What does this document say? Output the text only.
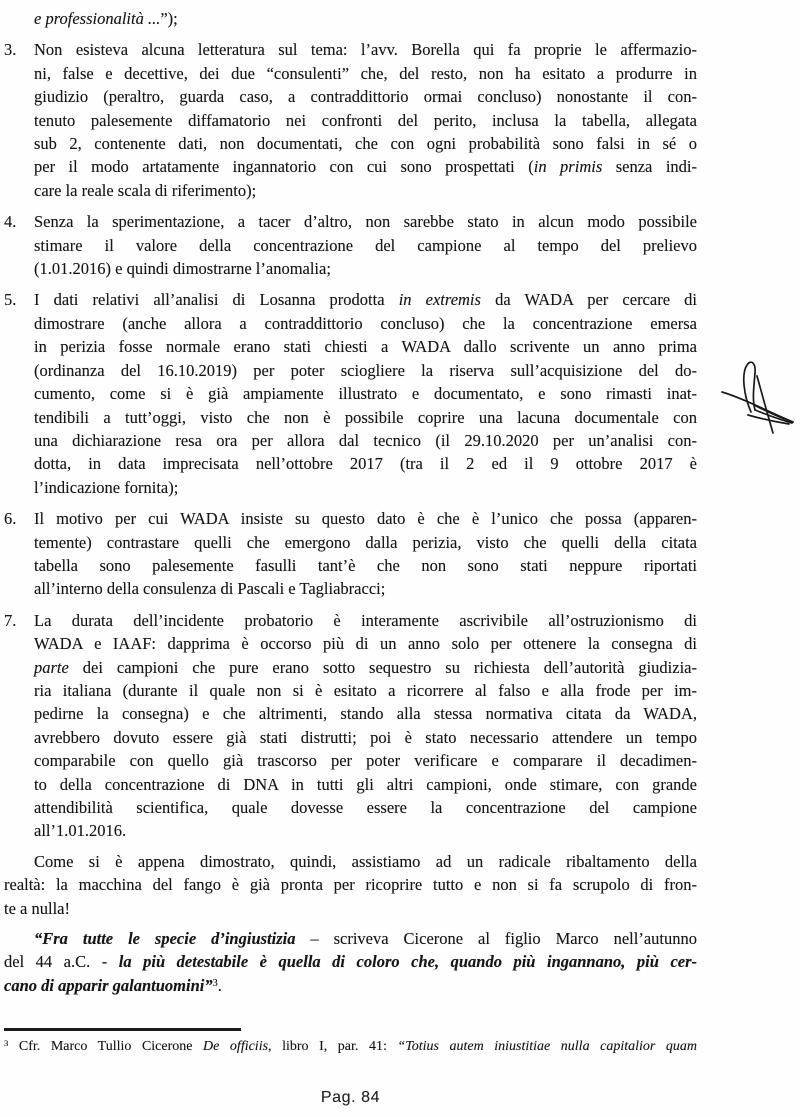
e professionalità ...”);
3. Non esisteva alcuna letteratura sul tema: l’avv. Borella qui fa proprie le affermazio-
ni, false e decettive, dei due “consulenti” che, del resto, non ha esitato a produrre in
giudizio (peraltro, guarda caso, a contraddittorio ormai concluso) nonostante il con-
tenuto palesemente diffamatorio nei confronti del perito, inclusa la tabella, allegata
sub 2, contenente dati, non documentati, che con ogni probabilità sono falsi in sé o
per il modo artatamente ingannatorio con cui sono prospettati (in primis senza indi-
care la reale scala di riferimento);
4. Senza la sperimentazione, a tacer d’altro, non sarebbe stato in alcun modo possibile
stimare il valore della concentrazione del campione al tempo del prelievo
(1.01.2016) e quindi dimostrarne l’anomalia;
5. I dati relativi all’analisi di Losanna prodotta in extremis da WADA per cercare di
dimostrare (anche allora a contraddittorio concluso) che la concentrazione emersa
in perizia fosse normale erano stati chiesti a WADA dallo scrivente un anno prima
(ordinanza del 16.10.2019) per poter sciogliere la riserva sull’acquisizione del do-
cumento, come si è già ampiamente illustrato e documentato, e sono rimasti inat-
tendibili a tutt’oggi, visto che non è possibile coprire una lacuna documentale con
una dichiarazione resa ora per allora dal tecnico (il 29.10.2020 per un’analisi con-
dotta, in data imprecisata nell’ottobre 2017 (tra il 2 ed il 9 ottobre 2017 è
l’indicazione fornita);
6. Il motivo per cui WADA insiste su questo dato è che è l’unico che possa (apparen-
temente) contrastare quelli che emergono dalla perizia, visto che quelli della citata
tabella sono palesemente fasulli tant’è che non sono stati neppure riportati
all’interno della consulenza di Pascali e Tagliabracci;
7. La durata dell’incidente probatorio è interamente ascrivibile all’ostruzionismo di
WADA e IAAF: dapprima è occorso più di un anno solo per ottenere la consegna di
parte dei campioni che pure erano sotto sequestro su richiesta dell’autorità giudizia-
ria italiana (durante il quale non si è esitato a ricorrere al falso e alla frode per im-
pedirne la consegna) e che altrimenti, stando alla stessa normativa citata da WADA,
avrebbero dovuto essere già stati distrutti; poi è stato necessario attendere un tempo
comparabile con quello già trascorso per poter verificare e comparare il decadimen-
to della concentrazione di DNA in tutti gli altri campioni, onde stimare, con grande
attendibilità scientifica, quale dovesse essere la concentrazione del campione
all’1.01.2016.
Come si è appena dimostrato, quindi, assistiamo ad un radicale ribaltamento della
realtà: la macchina del fango è già pronta per ricoprire tutto e non si fa scrupolo di fron-
te a nulla!
“Fra tutte le specie d’ingiustizia – scriveva Cicerone al figlio Marco nell’autunno
del 44 a.C. - la più detestabile è quella di coloro che, quando più ingannano, più cer-
cano di apparir galantuomini”$^3$.
$^3$ Cfr. Marco Tullio Cicerone De officiis, libro I, par. 41: “Totius autem iniustitiae nulla capitalior quam
Pag. 84
